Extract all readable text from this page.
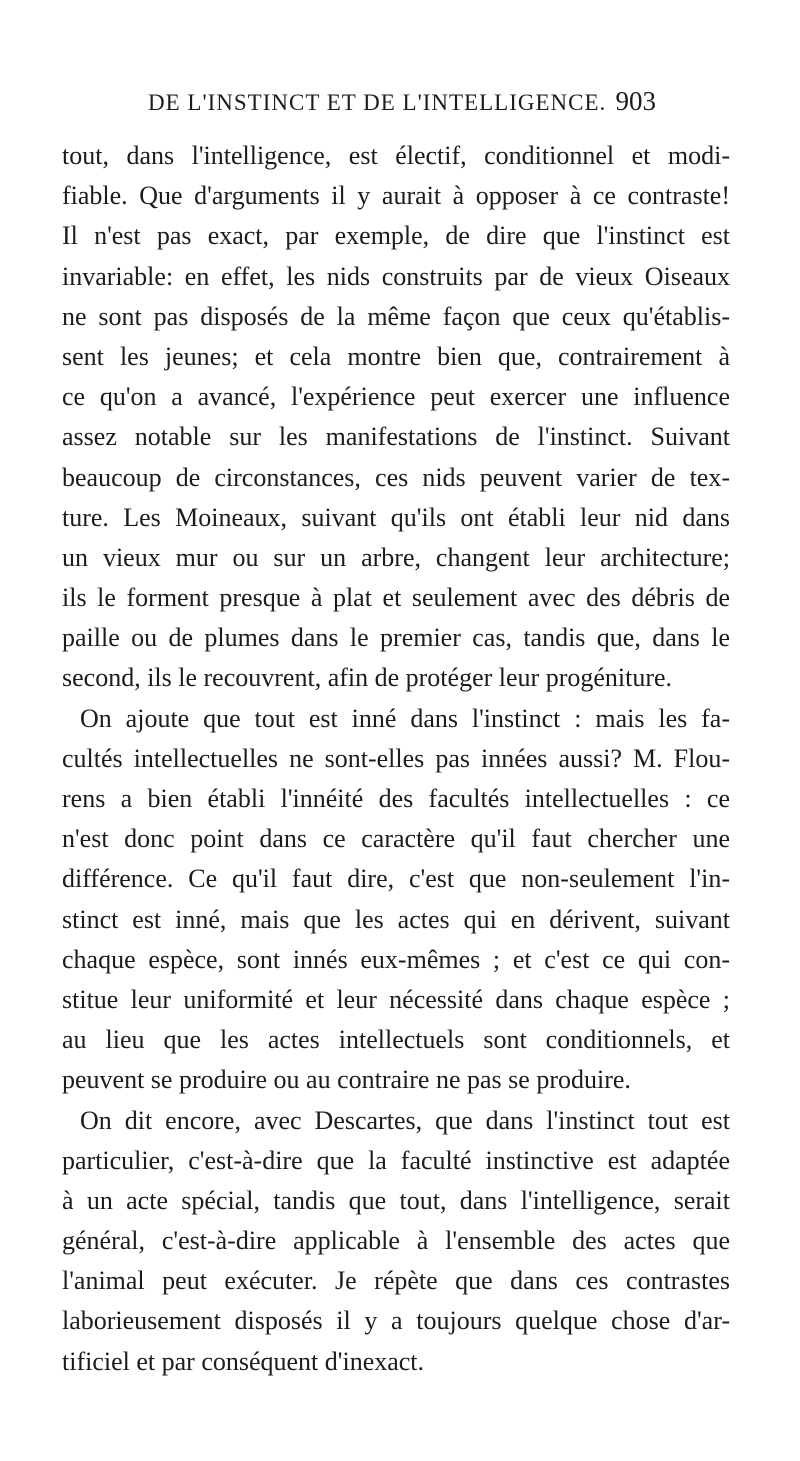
DE L'INSTINCT ET DE L'INTELLIGENCE. 903
tout, dans l'intelligence, est électif, conditionnel et modi-
fiable. Que d'arguments il y aurait à opposer à ce contraste!
Il n'est pas exact, par exemple, de dire que l'instinct est
invariable: en effet, les nids construits par de vieux Oiseaux
ne sont pas disposés de la même façon que ceux qu'établis-
sent les jeunes; et cela montre bien que, contrairement à
ce qu'on a avancé, l'expérience peut exercer une influence
assez notable sur les manifestations de l'instinct. Suivant
beaucoup de circonstances, ces nids peuvent varier de tex-
ture. Les Moineaux, suivant qu'ils ont établi leur nid dans
un vieux mur ou sur un arbre, changent leur architecture;
ils le forment presque à plat et seulement avec des débris de
paille ou de plumes dans le premier cas, tandis que, dans le
second, ils le recouvrent, afin de protéger leur progéniture.
On ajoute que tout est inné dans l'instinct : mais les fa-
cultés intellectuelles ne sont-elles pas innées aussi? M. Flou-
rens a bien établi l'innéité des facultés intellectuelles : ce
n'est donc point dans ce caractère qu'il faut chercher une
différence. Ce qu'il faut dire, c'est que non-seulement l'in-
stinct est inné, mais que les actes qui en dérivent, suivant
chaque espèce, sont innés eux-mêmes ; et c'est ce qui con-
stitue leur uniformité et leur nécessité dans chaque espèce ;
au lieu que les actes intellectuels sont conditionnels, et
peuvent se produire ou au contraire ne pas se produire.
On dit encore, avec Descartes, que dans l'instinct tout est
particulier, c'est-à-dire que la faculté instinctive est adaptée
à un acte spécial, tandis que tout, dans l'intelligence, serait
général, c'est-à-dire applicable à l'ensemble des actes que
l'animal peut exécuter. Je répète que dans ces contrastes
laborieusement disposés il y a toujours quelque chose d'ar-
tificiel et par conséquent d'inexact.
